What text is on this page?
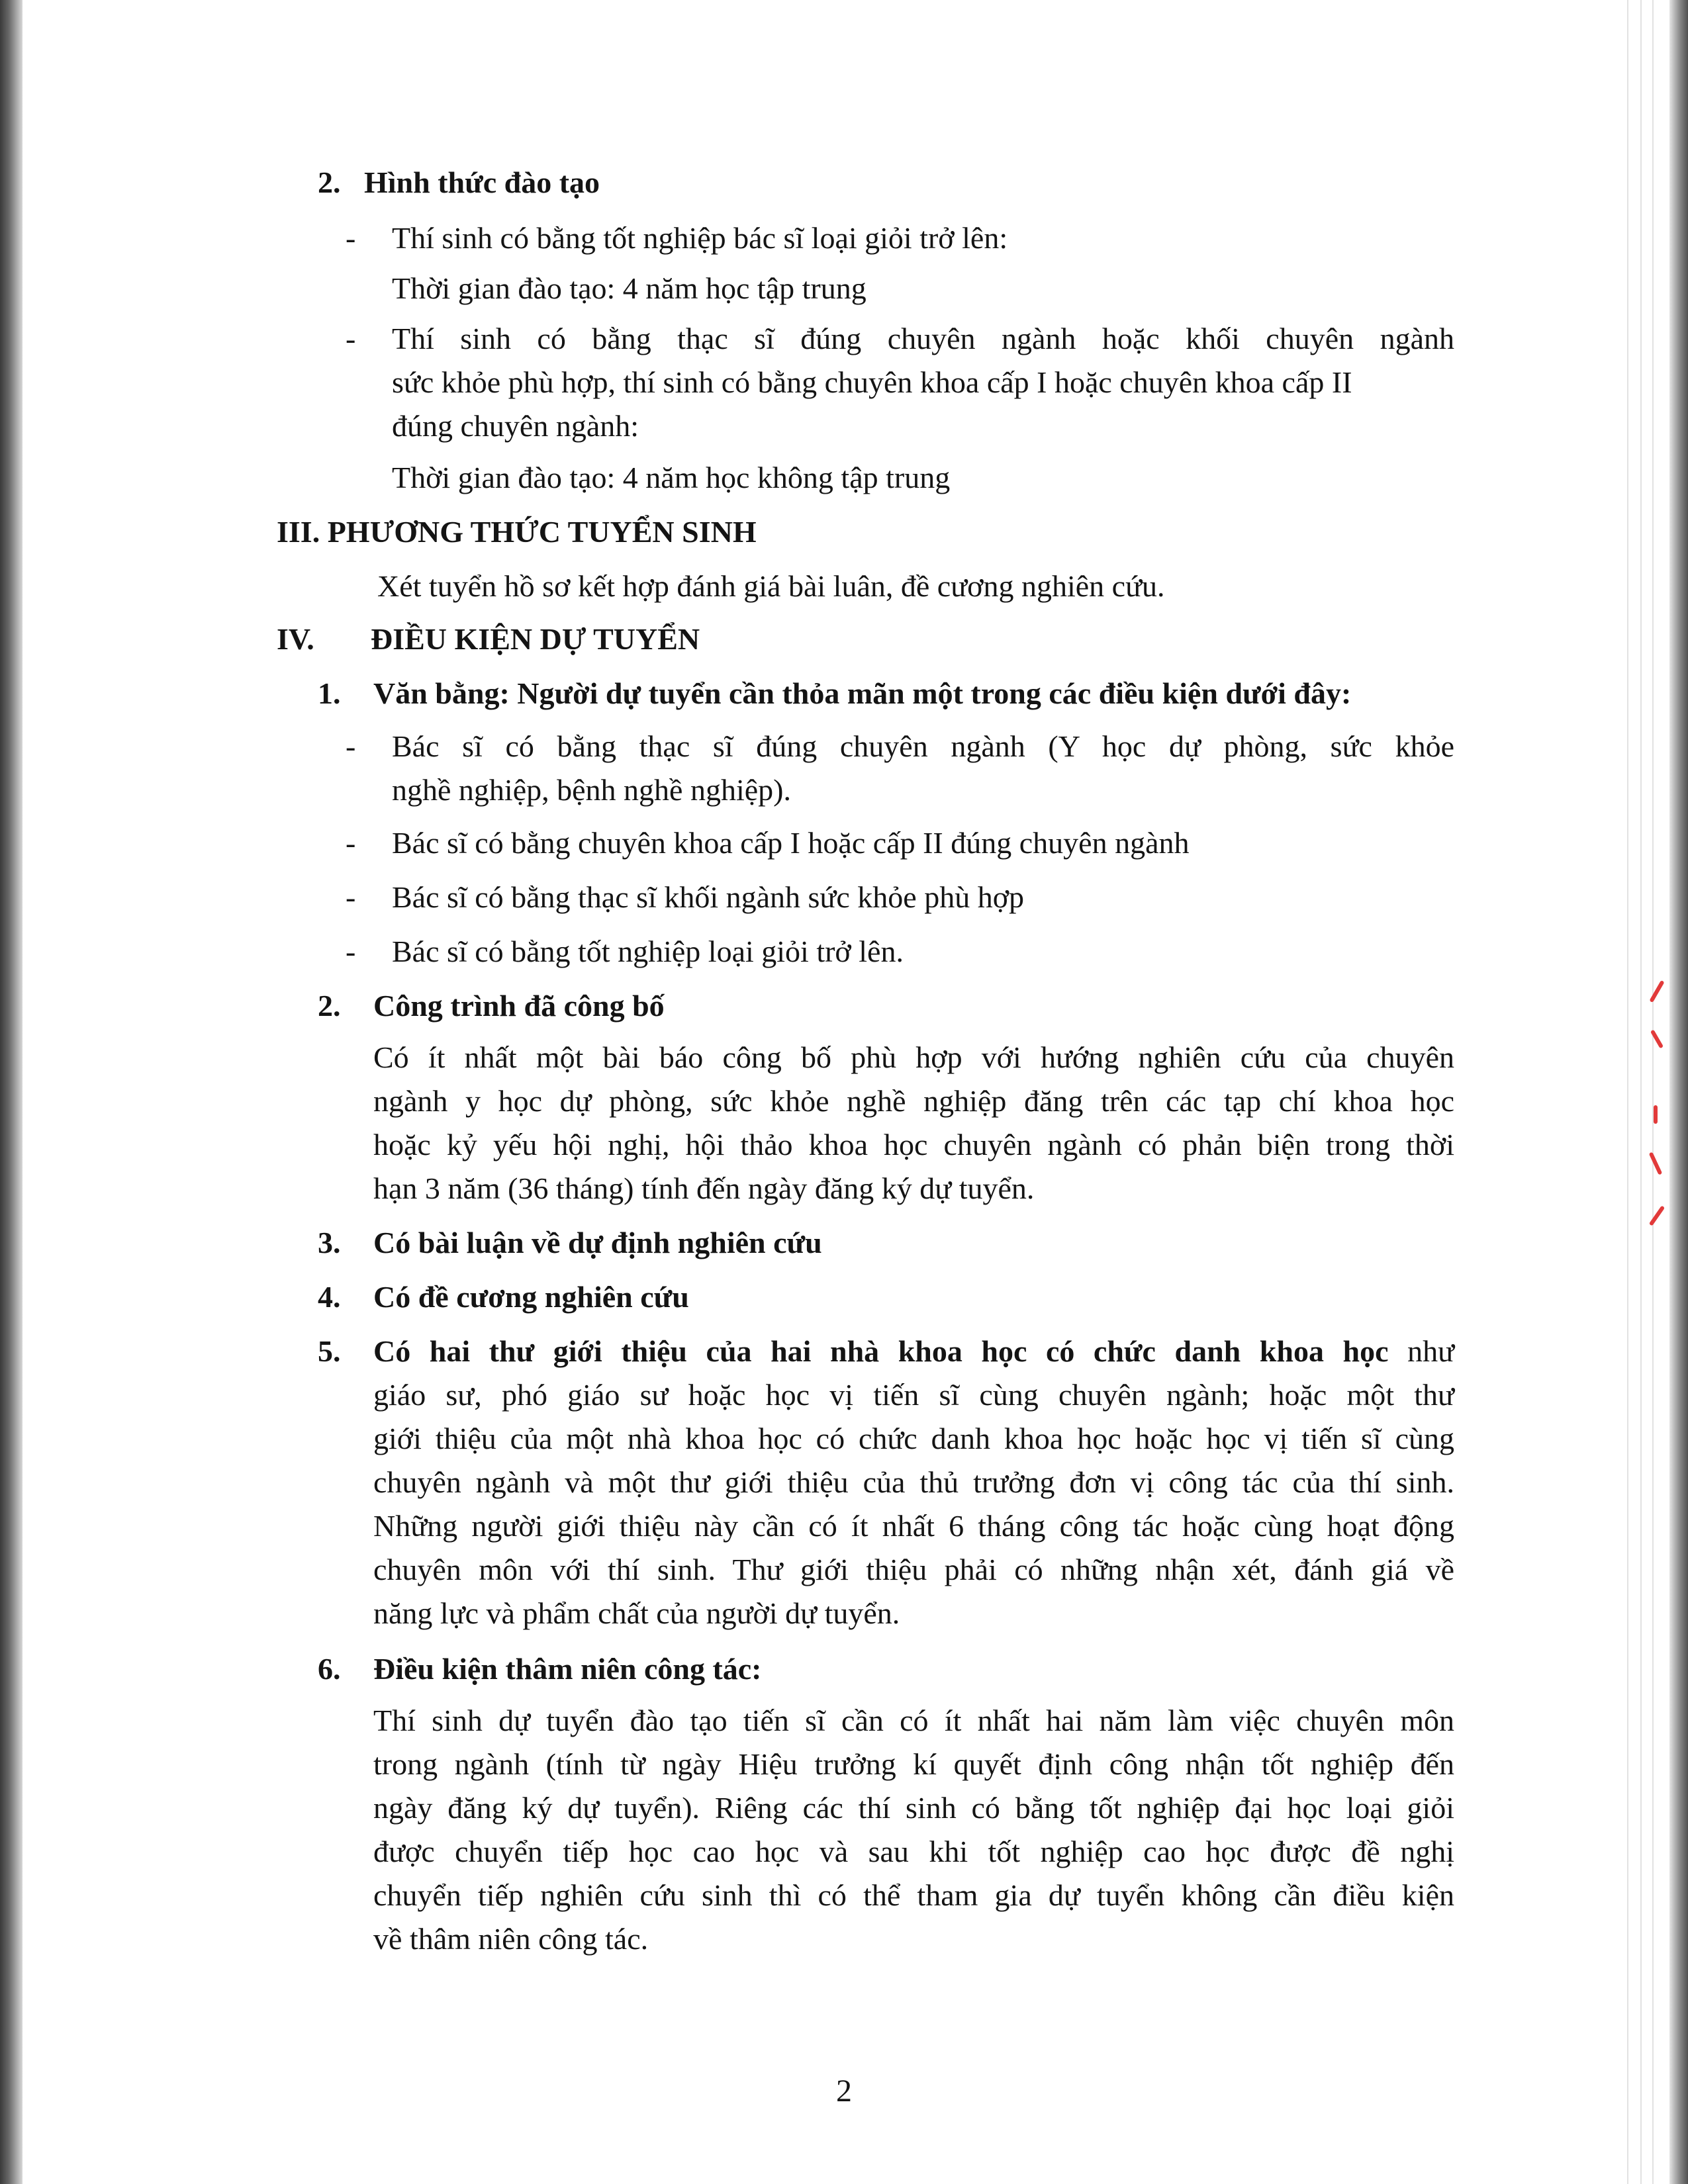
2. Hình thức đào tạo

- Thí sinh có bằng tốt nghiệp bác sĩ loại giỏi trở lên:

Thời gian đào tạo: 4 năm học tập trung

- Thí sinh có bằng thạc sĩ đúng chuyên ngành hoặc khối chuyên ngành

sức khỏe phù hợp, thí sinh có bằng chuyên khoa cấp I hoặc chuyên khoa cấp II

đúng chuyên ngành:

Thời gian đào tạo: 4 năm học không tập trung

III. PHƯƠNG THỨC TUYỂN SINH

Xét tuyển hồ sơ kết hợp đánh giá bài luân, đề cương nghiên cứu.

IV. ĐIỀU KIỆN DỰ TUYỂN

1. Văn bằng: Người dự tuyển cần thỏa mãn một trong các điều kiện dưới đây:

- Bác sĩ có bằng thạc sĩ đúng chuyên ngành (Y học dự phòng, sức khỏe

nghề nghiệp, bệnh nghề nghiệp).

- Bác sĩ có bằng chuyên khoa cấp I hoặc cấp II đúng chuyên ngành

- Bác sĩ có bằng thạc sĩ khối ngành sức khỏe phù hợp

- Bác sĩ có bằng tốt nghiệp loại giỏi trở lên.

2. Công trình đã công bố

Có ít nhất một bài báo công bố phù hợp với hướng nghiên cứu của chuyên

ngành y học dự phòng, sức khỏe nghề nghiệp đăng trên các tạp chí khoa học

hoặc kỷ yếu hội nghị, hội thảo khoa học chuyên ngành có phản biện trong thời

hạn 3 năm (36 tháng) tính đến ngày đăng ký dự tuyển.

3. Có bài luận về dự định nghiên cứu

4. Có đề cương nghiên cứu

5. Có hai thư giới thiệu của hai nhà khoa học có chức danh khoa học như

giáo sư, phó giáo sư hoặc học vị tiến sĩ cùng chuyên ngành; hoặc một thư

giới thiệu của một nhà khoa học có chức danh khoa học hoặc học vị tiến sĩ cùng

chuyên ngành và một thư giới thiệu của thủ trưởng đơn vị công tác của thí sinh.

Những người giới thiệu này cần có ít nhất 6 tháng công tác hoặc cùng hoạt động

chuyên môn với thí sinh. Thư giới thiệu phải có những nhận xét, đánh giá về

năng lực và phẩm chất của người dự tuyển.

6. Điều kiện thâm niên công tác:

Thí sinh dự tuyển đào tạo tiến sĩ cần có ít nhất hai năm làm việc chuyên môn

trong ngành (tính từ ngày Hiệu trưởng kí quyết định công nhận tốt nghiệp đến

ngày đăng ký dự tuyển). Riêng các thí sinh có bằng tốt nghiệp đại học loại giỏi

được chuyển tiếp học cao học và sau khi tốt nghiệp cao học được đề nghị

chuyển tiếp nghiên cứu sinh thì có thể tham gia dự tuyển không cần điều kiện

về thâm niên công tác.

2
